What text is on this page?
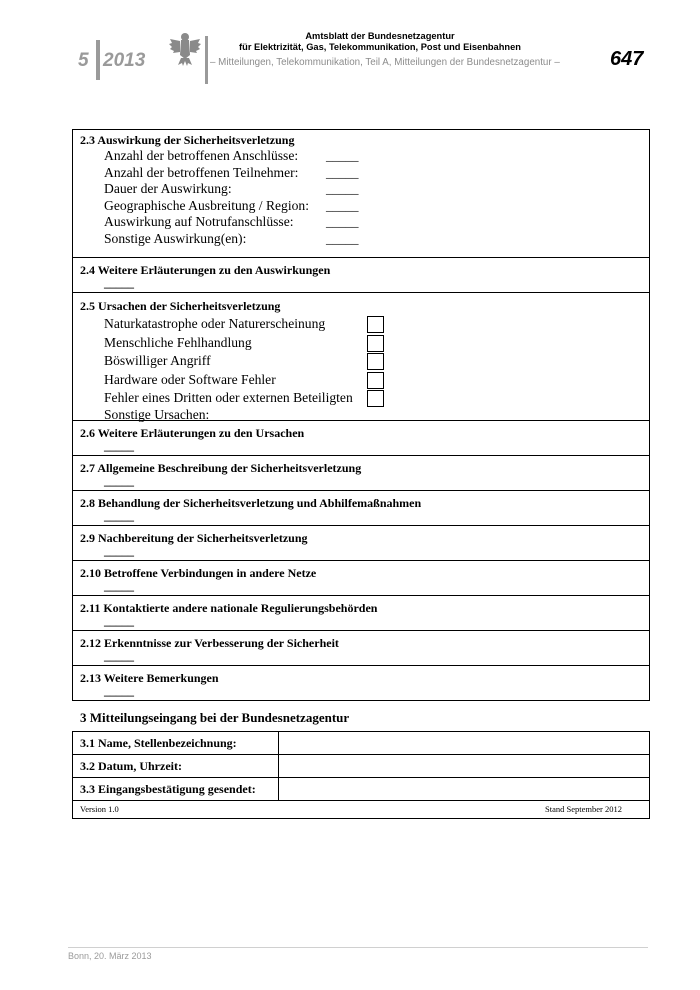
5 2013
Amtsblatt der Bundesnetzagentur
für Elektrizität, Gas, Telekommunikation, Post und Eisenbahnen
– Mitteilungen, Telekommunikation, Teil A, Mitteilungen der Bundesnetzagentur –	647
2.3 Auswirkung der Sicherheitsverletzung
Anzahl der betroffenen Anschlüsse: _____
Anzahl der betroffenen Teilnehmer: _____
Dauer der Auswirkung:	_____
Geographische Ausbreitung / Region: _____
Auswirkung auf Notrufanschlüsse: _____
Sonstige Auswirkung(en):	_____
2.4 Weitere Erläuterungen zu den Auswirkungen
_____
2.5 Ursachen der Sicherheitsverletzung
Naturkatastrophe oder Naturerscheinung
Menschliche Fehlhandlung
Böswilliger Angriff
Hardware oder Software Fehler
Fehler eines Dritten oder externen Beteiligten
Sonstige Ursachen: _____
2.6 Weitere Erläuterungen zu den Ursachen
_____
2.7 Allgemeine Beschreibung der Sicherheitsverletzung
_____
2.8 Behandlung der Sicherheitsverletzung und Abhilfemaßnahmen
_____
2.9 Nachbereitung der Sicherheitsverletzung
_____
2.10 Betroffene Verbindungen in andere Netze
_____
2.11 Kontaktierte andere nationale Regulierungsbehörden
_____
2.12 Erkenntnisse zur Verbesserung der Sicherheit
_____
2.13 Weitere Bemerkungen
_____
3 Mitteilungseingang bei der Bundesnetzagentur
3.1 Name, Stellenbezeichnung:
3.2 Datum, Uhrzeit:
3.3 Eingangsbestätigung gesendet:
Version 1.0	Stand September 2012
Bonn, 20. März 2013
